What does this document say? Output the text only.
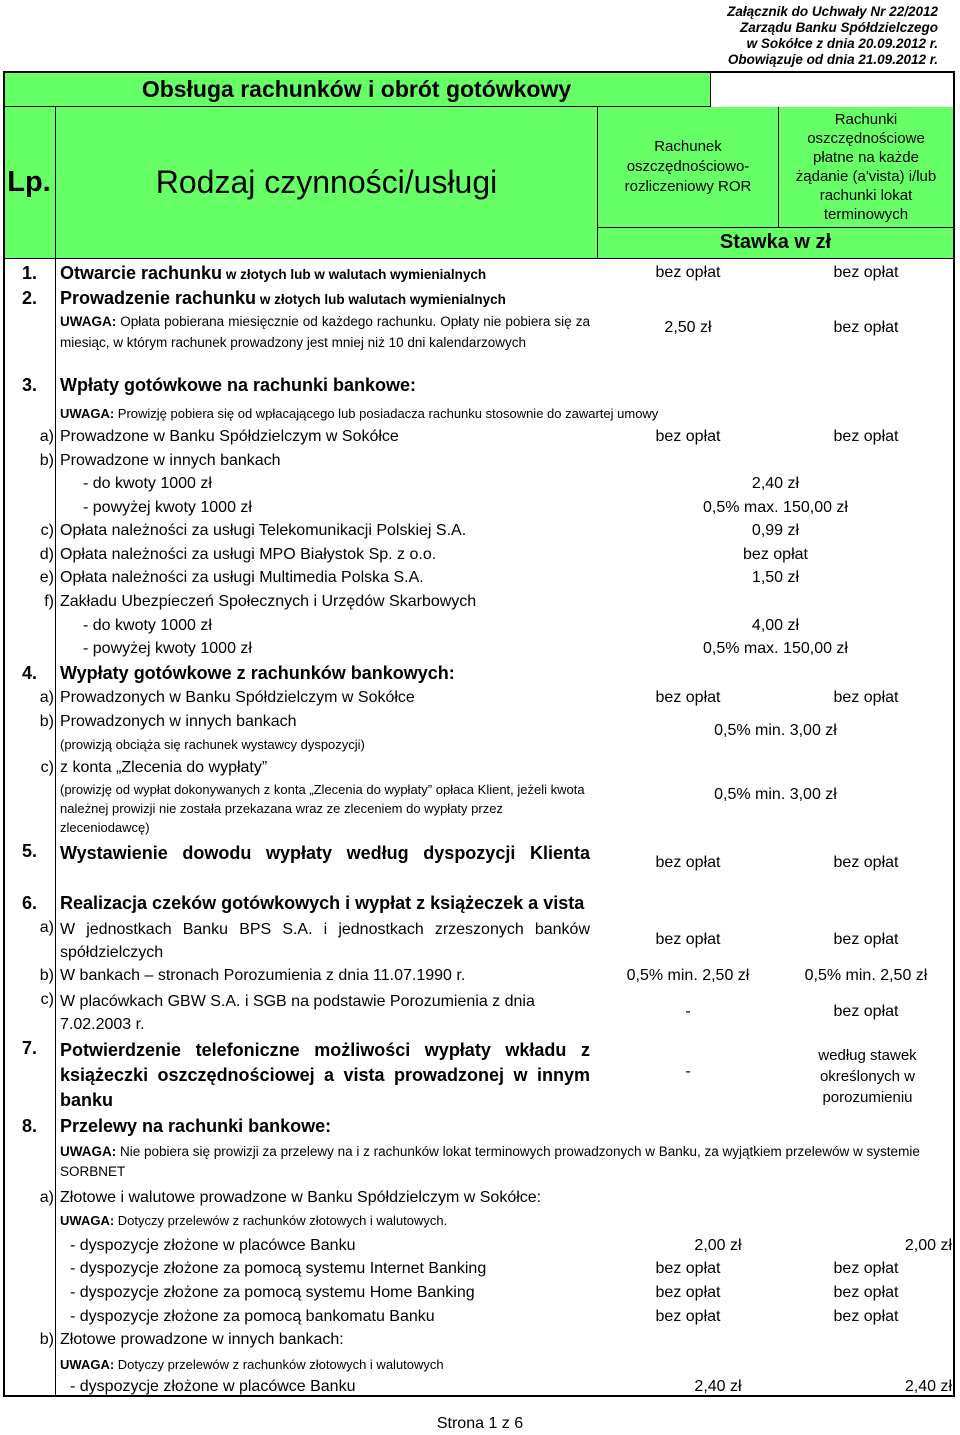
Załącznik do Uchwały Nr 22/2012
Zarządu Banku Spółdzielczego
w Sokółce z dnia 20.09.2012 r.
Obowiązuje od dnia 21.09.2012 r.
Obsługa rachunków i obrót gotówkowy
Lp.	Rodzaj czynności/usługi
Rachunek oszczędnościowo-rozliczeniowy ROR
Rachunki oszczędnościowe płatne na każde żądanie (a'vista) i/lub rachunki lokat terminowych
Stawka w zł
1. Otwarcie rachunku w złotych lub w walutach wymienialnych	bez opłat	bez opłat
2. Prowadzenie rachunku w złotych lub walutach wymienialnych
UWAGA: Opłata pobierana miesięcznie od każdego rachunku. Opłaty nie pobiera się za miesiąc, w którym rachunek prowadzony jest mniej niż 10 dni kalendarzowych
2,50 zł	bez opłat
3. Wpłaty gotówkowe na rachunki bankowe:
UWAGA: Prowizję pobiera się od wpłacającego lub posiadacza rachunku stosownie do zawartej umowy
a) Prowadzone w Banku Spółdzielczym w Sokółce	bez opłat	bez opłat
b) Prowadzone w innych bankach
- do kwoty 1000 zł	2,40 zł
- powyżej kwoty 1000 zł	0,5% max. 150,00 zł
c) Opłata należności za usługi Telekomunikacji Polskiej S.A.	0,99 zł
d) Opłata należności za usługi MPO Białystok Sp. z o.o.	bez opłat
e) Opłata należności za usługi Multimedia Polska S.A.	1,50 zł
f) Zakładu Ubezpieczeń Społecznych i Urzędów Skarbowych
- do kwoty 1000 zł	4,00 zł
- powyżej kwoty 1000 zł	0,5% max. 150,00 zł
4. Wypłaty gotówkowe z rachunków bankowych:
a) Prowadzonych w Banku Spółdzielczym w Sokółce	bez opłat	bez opłat
b) Prowadzonych w innych bankach
(prowizją obciąża się rachunek wystawcy dyspozycji)
0,5% min. 3,00 zł
c) z konta „Zlecenia do wypłaty”
(prowizję od wypłat dokonywanych z konta „Zlecenia do wypłaty” opłaca Klient, jeżeli kwota należnej prowizji nie została przekazana wraz ze zleceniem do wypłaty przez zleceniodawcę)
0,5% min. 3,00 zł
5. Wystawienie dowodu wypłaty według dyspozycji Klienta	bez opłat	bez opłat
6. Realizacja czeków gotówkowych i wypłat z książeczek a vista
a) W jednostkach Banku BPS S.A. i jednostkach zrzeszonych banków spółdzielczych
bez opłat	bez opłat
b) W bankach – stronach Porozumienia z dnia 11.07.1990 r.	0,5% min. 2,50 zł	0,5% min. 2,50 zł
c) W placówkach GBW S.A. i SGB na podstawie Porozumienia z dnia 7.02.2003 r.
-	bez opłat
7. Potwierdzenie telefoniczne możliwości wypłaty wkładu z książeczki oszczędnościowej a vista prowadzonej w innym banku
-
według stawek określonych w porozumieniu
8. Przelewy na rachunki bankowe:
UWAGA: Nie pobiera się prowizji za przelewy na i z rachunków lokat terminowych prowadzonych w Banku, za wyjątkiem przelewów w systemie SORBNET
a) Złotowe i walutowe prowadzone w Banku Spółdzielczym w Sokółce:
UWAGA: Dotyczy przelewów z rachunków złotowych i walutowych.
- dyspozycje złożone w placówce Banku	2,00 zł	2,00 zł
- dyspozycje złożone za pomocą systemu Internet Banking	bez opłat	bez opłat
- dyspozycje złożone za pomocą systemu Home Banking	bez opłat	bez opłat
- dyspozycje złożone za pomocą bankomatu Banku	bez opłat	bez opłat
b) Złotowe prowadzone w innych bankach:
UWAGA: Dotyczy przelewów z rachunków złotowych i walutowych
- dyspozycje złożone w placówce Banku	2,40 zł	2,40 zł
Strona 1 z 6
